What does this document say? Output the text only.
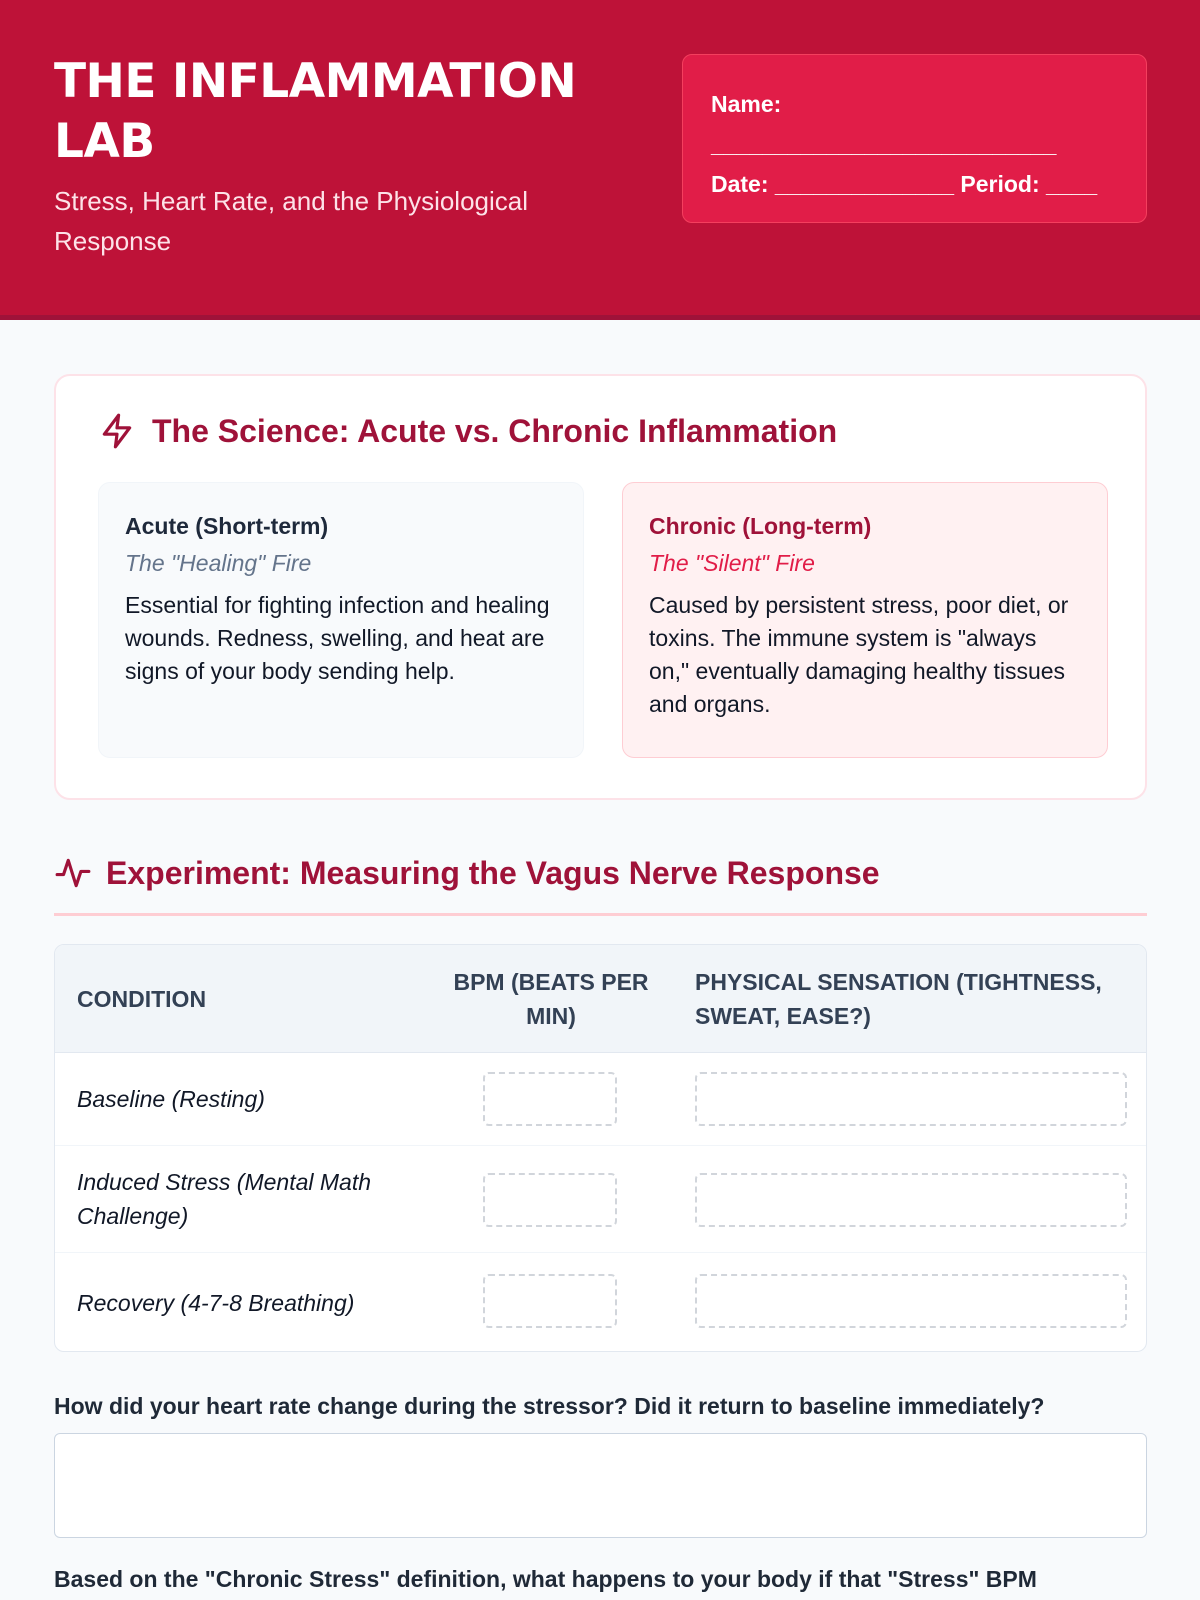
THE INFLAMMATION LAB
Stress, Heart Rate, and the Physiological Response
Name:
___________________________
Date: ______________ Period: ____
The Science: Acute vs. Chronic Inflammation
Acute (Short-term)
The "Healing" Fire
Essential for fighting infection and healing wounds. Redness, swelling, and heat are signs of your body sending help.
Chronic (Long-term)
The "Silent" Fire
Caused by persistent stress, poor diet, or toxins. The immune system is "always on," eventually damaging healthy tissues and organs.
Experiment: Measuring the Vagus Nerve Response
CONDITION
BPM (BEATS PER MIN)
PHYSICAL SENSATION (TIGHTNESS, SWEAT, EASE?)
Baseline (Resting)
Induced Stress (Mental Math Challenge)
Recovery (4-7-8 Breathing)
How did your heart rate change during the stressor? Did it return to baseline immediately?
Based on the "Chronic Stress" definition, what happens to your body if that "Stress" BPM
